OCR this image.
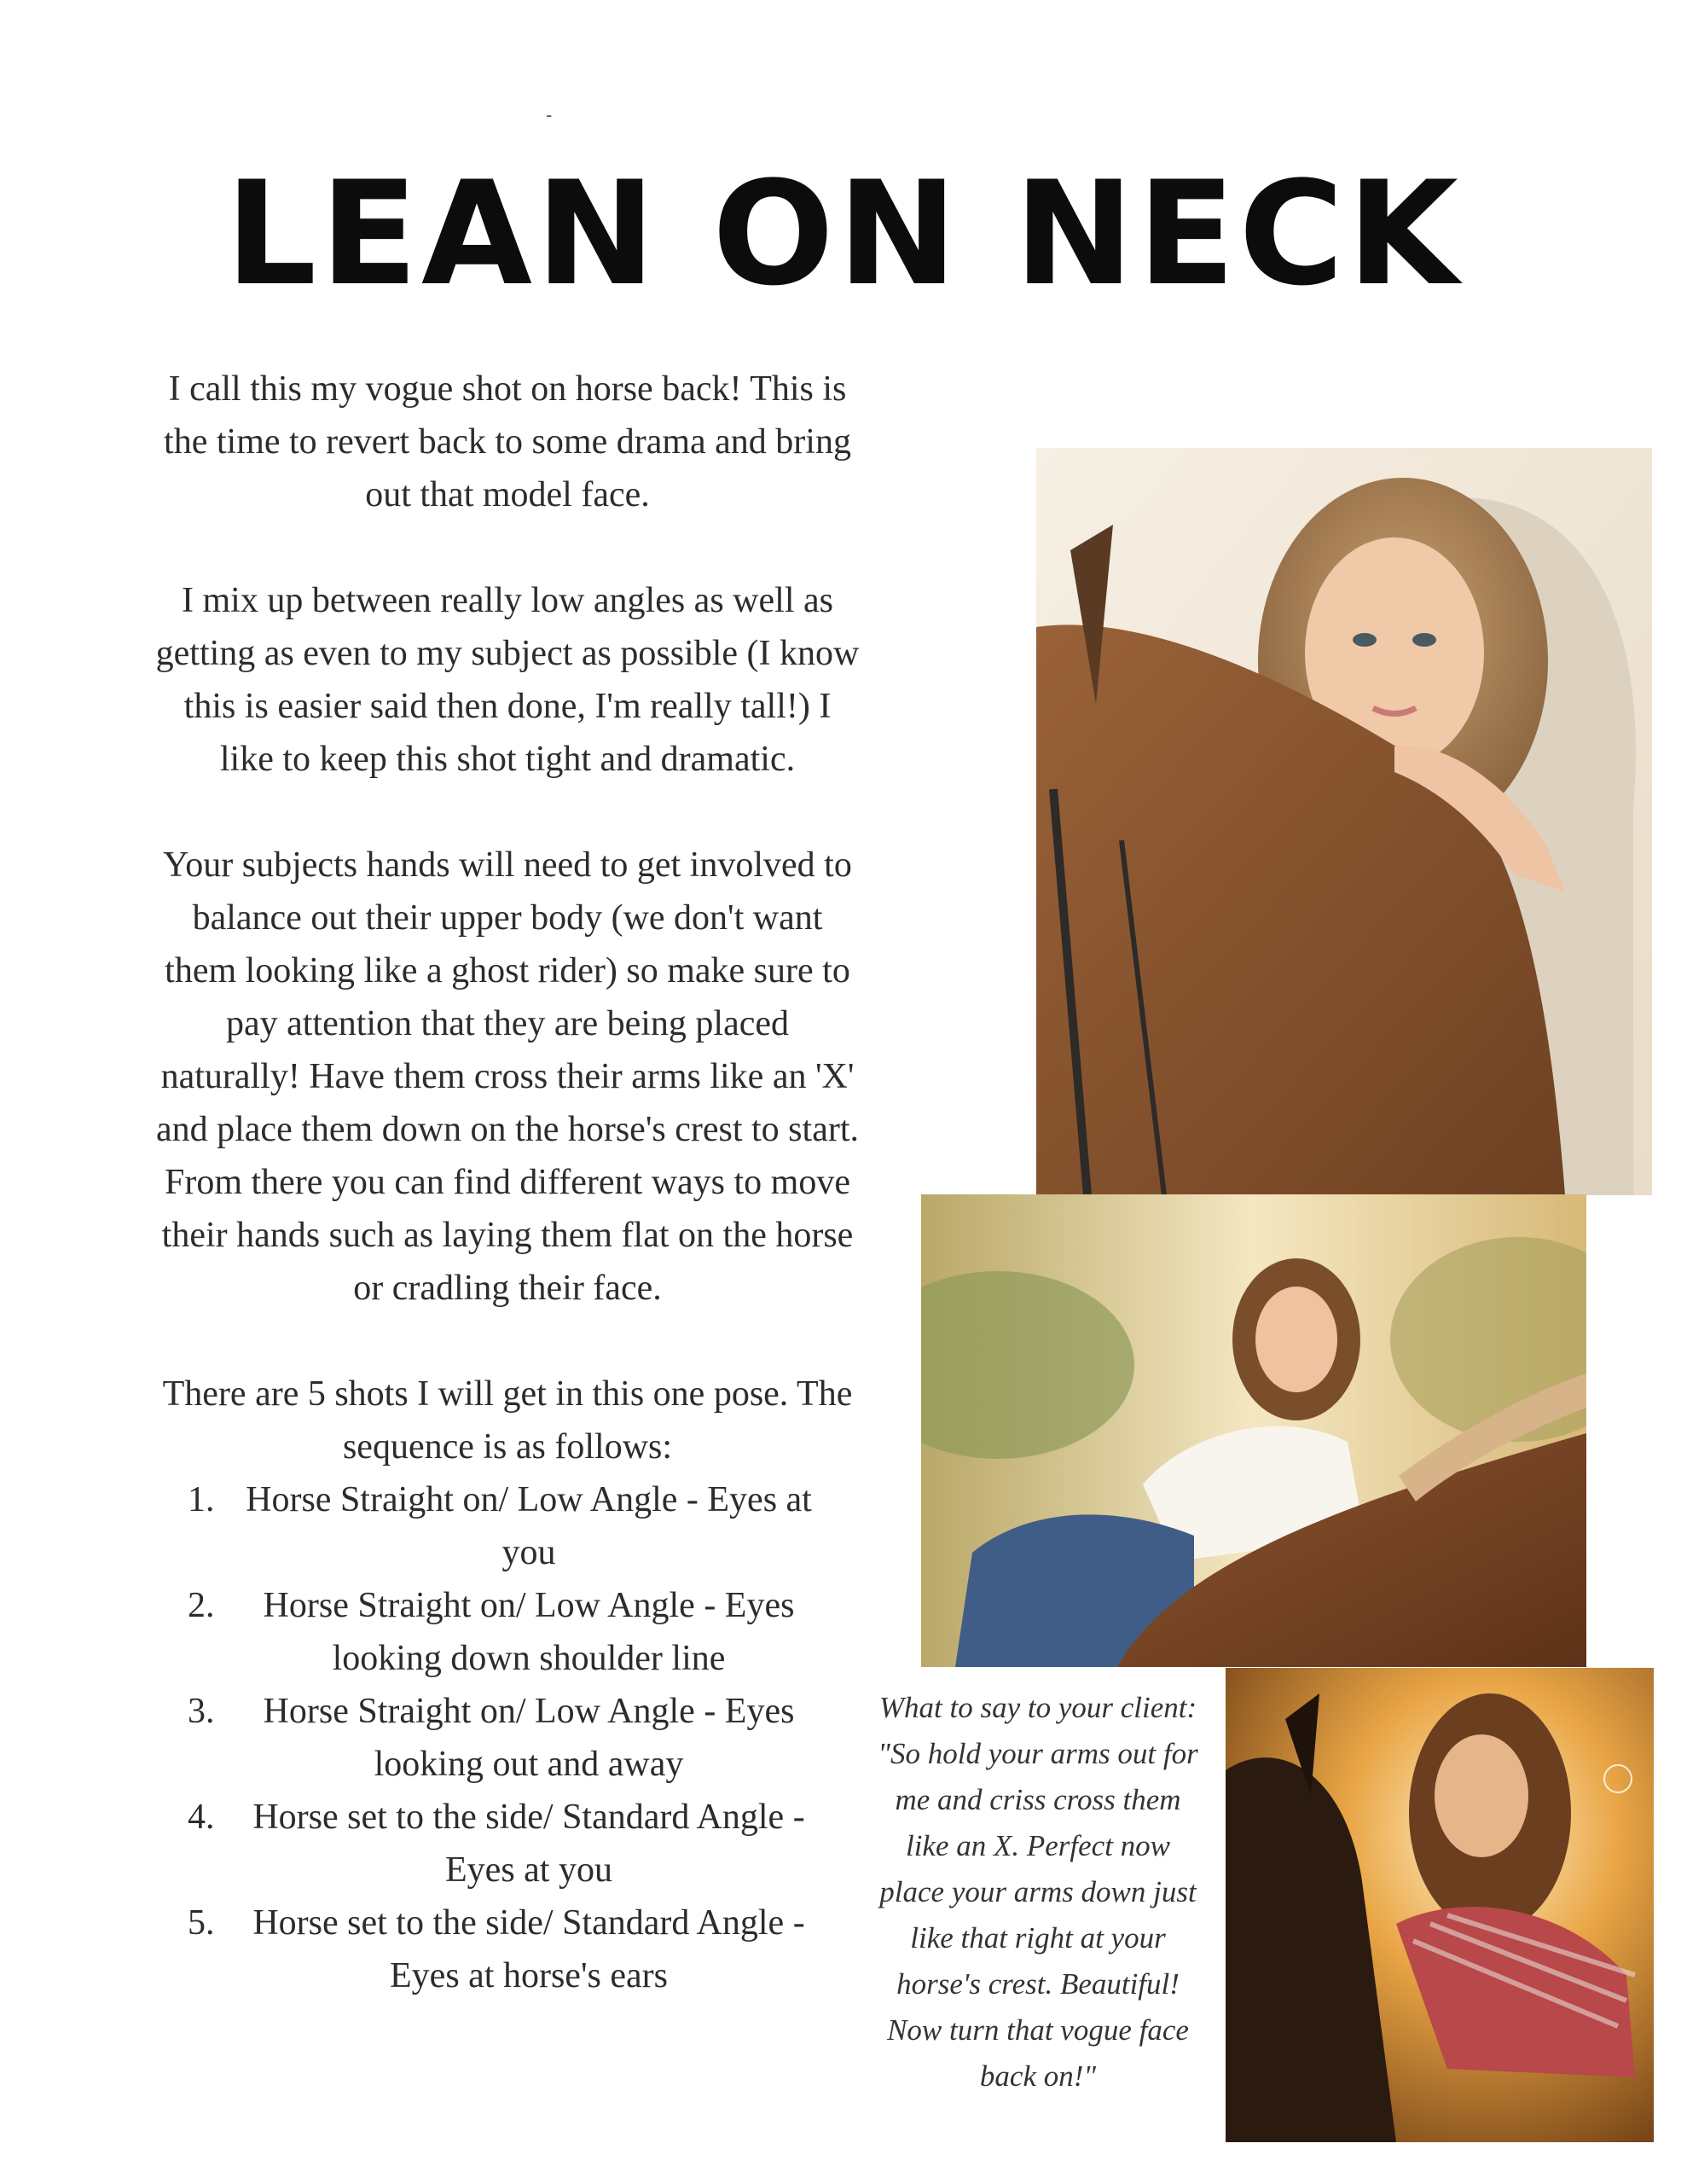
-
LEAN ON NECK

I call this my vogue shot on horse back! This is the time to revert back to some drama and bring out that model face.

I mix up between really low angles as well as getting as even to my subject as possible (I know this is easier said then done, I'm really tall!) I like to keep this shot tight and dramatic.

Your subjects hands will need to get involved to balance out their upper body (we don't want them looking like a ghost rider) so make sure to pay attention that they are being placed naturally! Have them cross their arms like an 'X' and place them down on the horse's crest to start. From there you can find different ways to move their hands such as laying them flat on the horse or cradling their face.

There are 5 shots I will get in this one pose. The sequence is as follows:

1. Horse Straight on/ Low Angle - Eyes at you
2.	Horse Straight on/ Low Angle - Eyes looking down shoulder line
3.	Horse Straight on/ Low Angle - Eyes looking out and away
4.	Horse set to the side/ Standard Angle - Eyes at you
5.	Horse set to the side/ Standard Angle - Eyes at horse's ears
What to say to your client: "So hold your arms out for me and criss cross them like an X. Perfect now place your arms down just like that right at your horse's crest. Beautiful! Now turn that vogue face back on!"
